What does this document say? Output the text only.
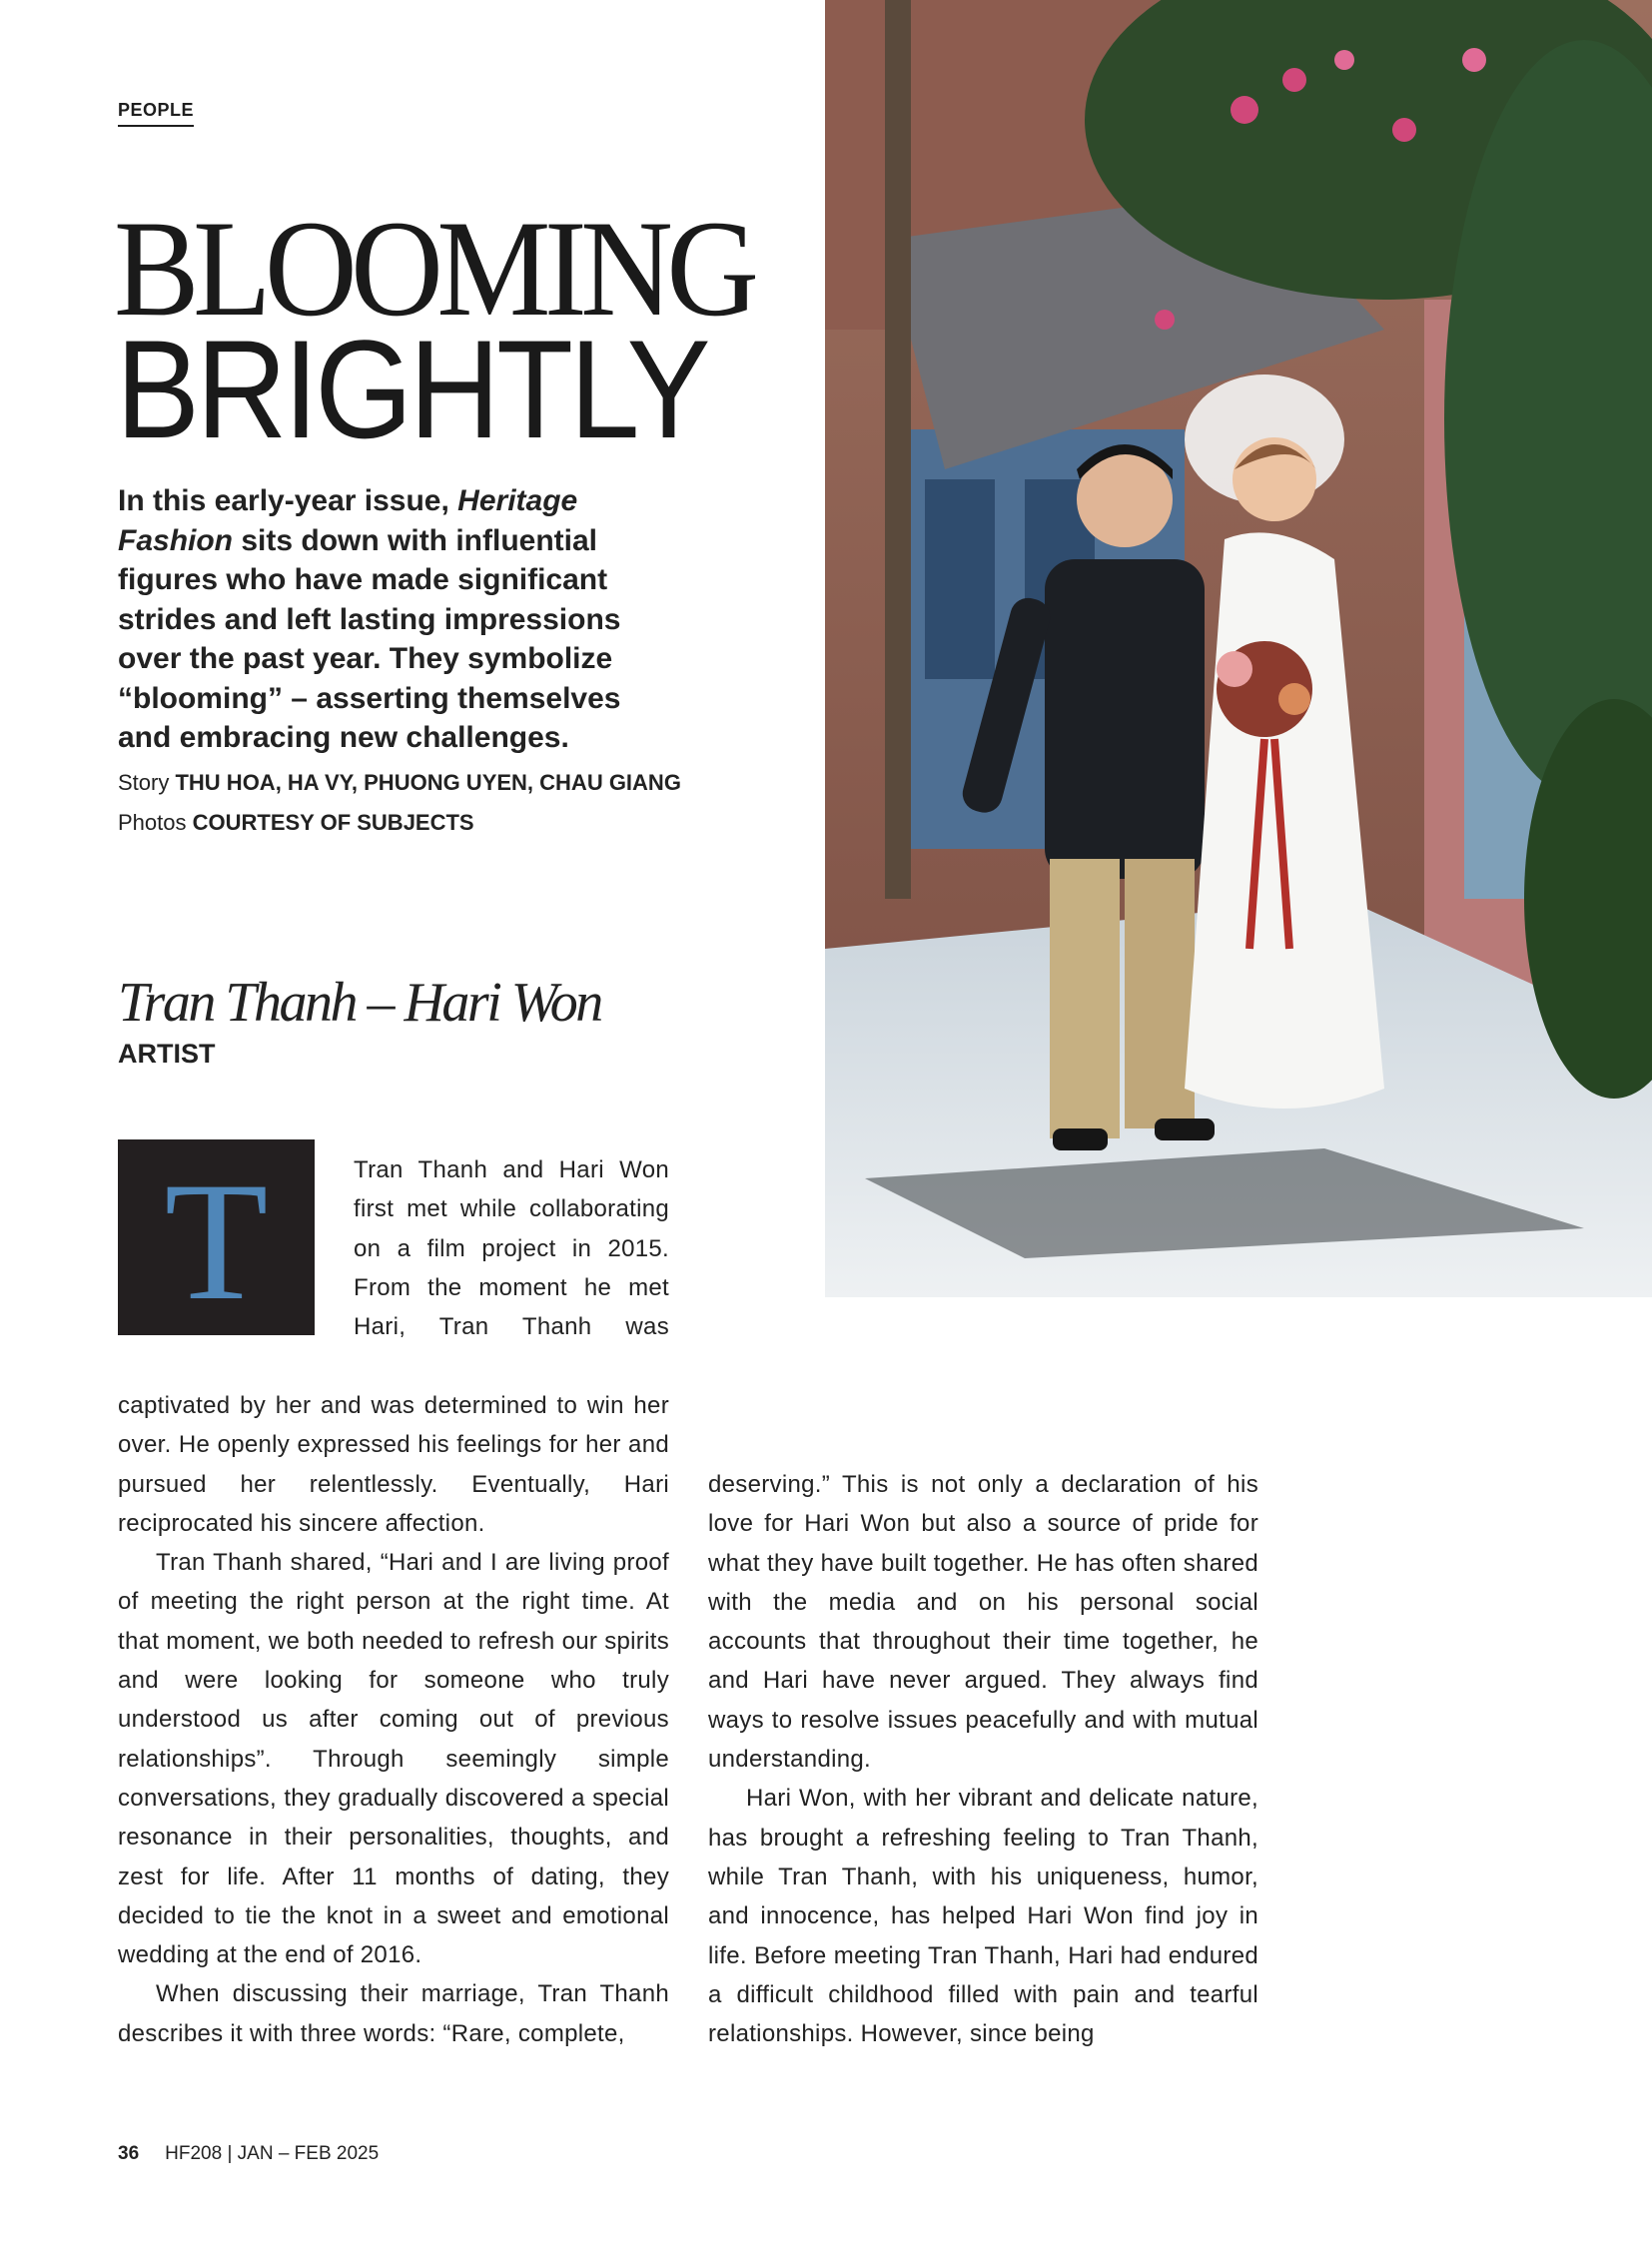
PEOPLE
BLOOMING
BRIGHTLY
In this early-year issue, Heritage Fashion sits down with influential figures who have made significant strides and left lasting impressions over the past year. They symbolize “blooming” – asserting themselves and embracing new challenges.
Story THU HOA, HA VY, PHUONG UYEN, CHAU GIANG
Photos COURTESY OF SUBJECTS
Tran Thanh – Hari Won
ARTIST
T	Tran Thanh and Hari Won first met while collaborating on a film project in 2015. From the moment he met Hari, Tran Thanh was

captivated by her and was determined to win her over. He openly expressed his feelings for her and pursued her relentlessly. Eventually, Hari reciprocated his sincere affection.

Tran Thanh shared, “Hari and I are living proof of meeting the right person at the right time. At that moment, we both needed to refresh our spirits and were looking for someone who truly understood us after coming out of previous relationships”. Through seemingly simple conversations, they gradually discovered a special resonance in their personalities, thoughts, and zest for life. After 11 months of dating, they decided to tie the knot in a sweet and emotional wedding at the end of 2016.

When discussing their marriage, Tran Thanh describes it with three words: “Rare, complete,

deserving.” This is not only a declaration of his love for Hari Won but also a source of pride for what they have built together. He has often shared with the media and on his personal social accounts that throughout their time together, he and Hari have never argued. They always find ways to resolve issues peacefully and with mutual understanding.

Hari Won, with her vibrant and delicate nature, has brought a refreshing feeling to Tran Thanh, while Tran Thanh, with his uniqueness, humor, and innocence, has helped Hari Won find joy in life. Before meeting Tran Thanh, Hari had endured a difficult childhood filled with pain and tearful relationships. However, since being

36 HF208 | JAN – FEB 2025
